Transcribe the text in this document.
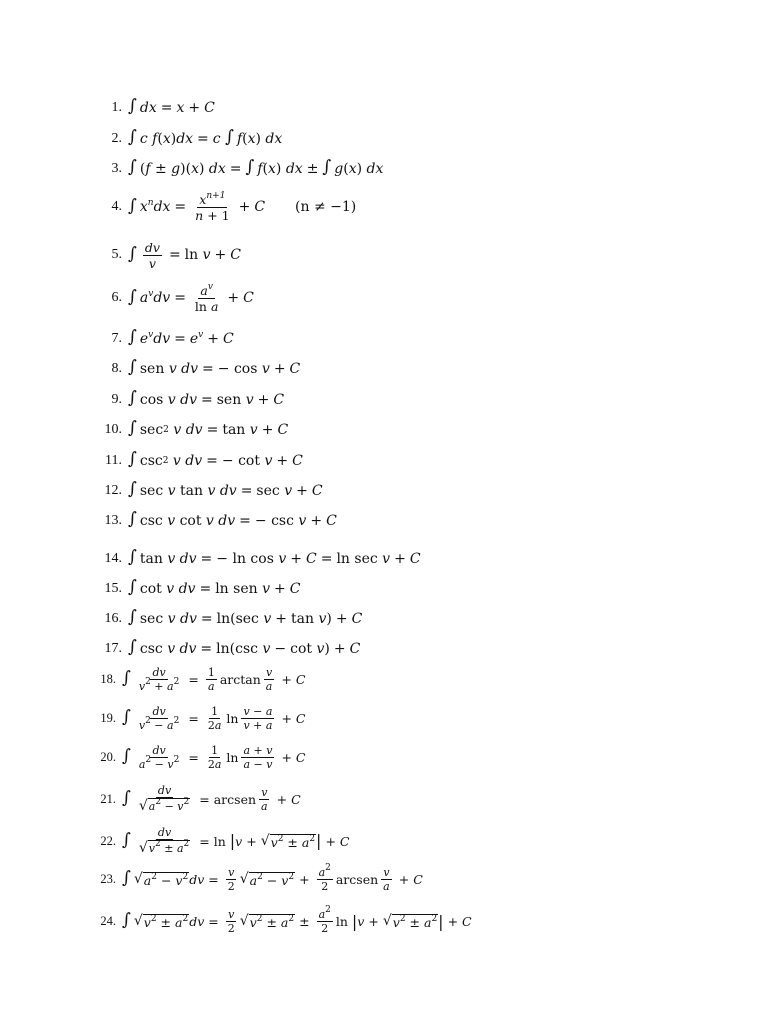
1. ∫ dx = x + C
2. ∫ c f ( x ) dx = c
∫ f ( x ) dx
3. ∫ ( f ± g )( x ) dx = ∫ f ( x ) dx ± ∫ g ( x ) dx
4. ∫ $x^ndx = \frac{x^{n+1}}{n + 1} + C$ (n ≠ −1)
5. ∫ $\frac{dv}{v} = \ln$
v + C
6. ∫ $a^vdv = \frac{a^v}{\text{ln a}} + C$
7. ∫ $e^vdv = e^v + C$
8. ∫ sen
v dv = − cos
v + C
9. ∫ cos
v dv = sen
v + C
10. ∫ sec 2
v dv = tan
v + C
11. ∫ csc 2
v dv = − cot
v + C
12. ∫ sec
v
tan
v dv = sec
v + C
13. ∫ csc
v
cot
v dv = − csc
v + C
14. ∫ tan
v dv = − ln
cos
v + C = ln
sec
v + C
15. ∫ cot
v dv = ln
sen
v + C
16. ∫ sec
v dv = ln ( sec
v + tan
v ) + C
17. ∫ csc
v dv = ln ( csc
v − cot
v ) + C
18. ∫ $\frac{dv}{v^2 + a^2} = \frac{1}{a}$ $\arctan \frac{v}{a} + C$
19. ∫ $\frac{dv}{v^2 - a^2} = \frac{1}{2a}$ $\ln \frac{v - a}{v + a} + C$
20. ∫ $\frac{dv}{a^2 - v^2} = \frac{1}{2a}$ $\ln \frac{a + v}{a - v} + C$
21. ∫ $\frac{dv}{√ a^2 - v^2}$ = arcsen $\frac{v}{a} + C$
22. ∫ $\frac{dv}{√ v^2 \pm a^2} = \ln$
| v + √ $v^2 \pm a^2$ | + C
23. ∫ √ $a^2 - v^2$ dv = $\frac{v}{2}$ √ $a^2 - v^2 + \frac{a^2}{2}$ arcsen $\frac{v}{a} + C$
24. ∫ √ $v^2 \pm a^2$ dv = $\frac{v}{2}$ √ $v^2 \pm a^2 \pm \frac{a^2}{2}$ ln
| v + √ $v^2 \pm a^2$ | + C
